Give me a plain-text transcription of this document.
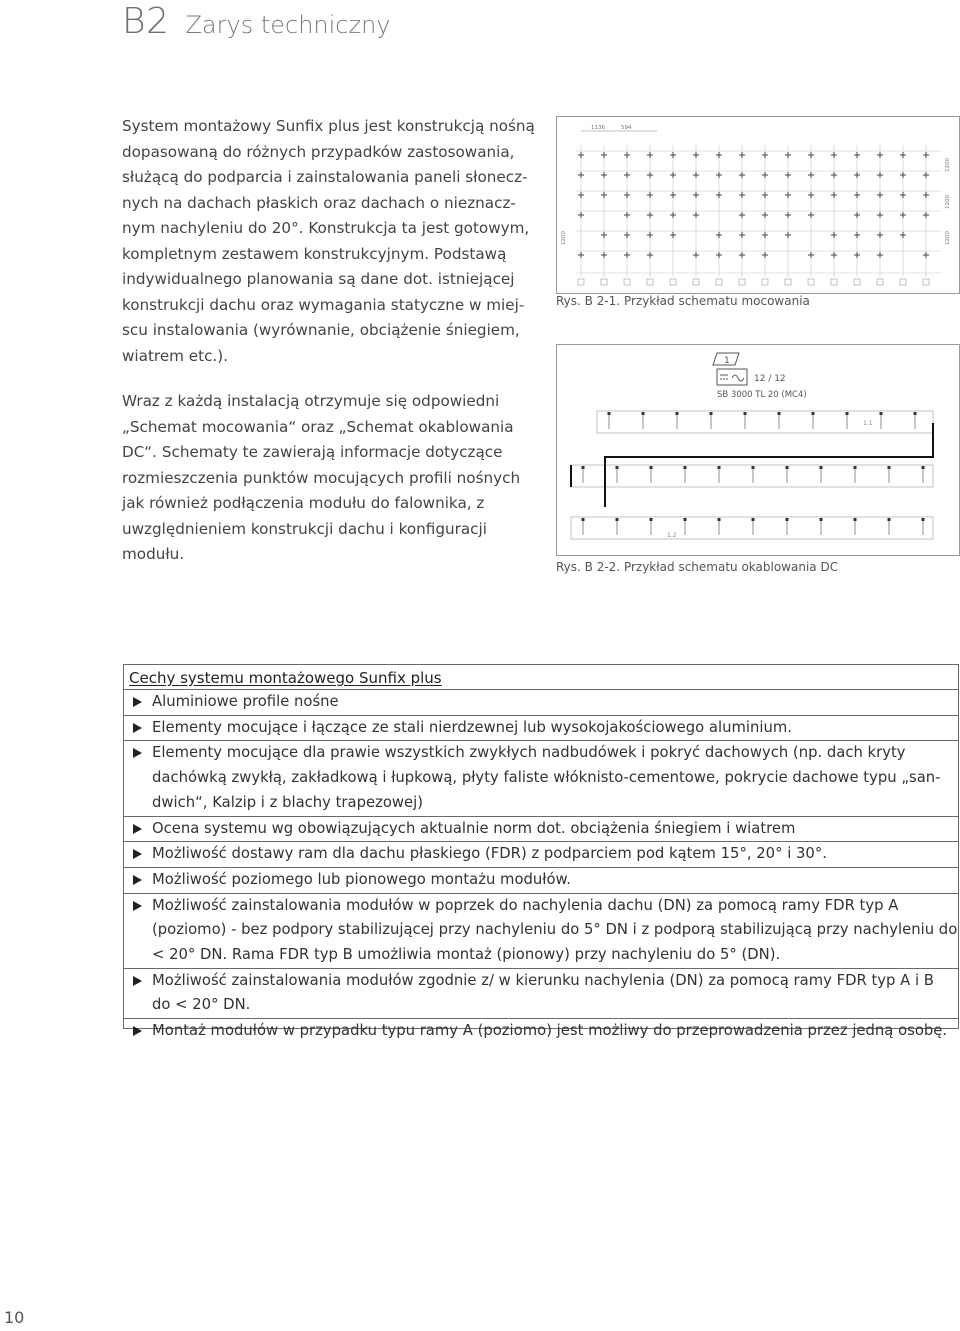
B2 Zarys techniczny

System montażowy Sunfix plus jest konstrukcją nośną
dopasowaną do różnych przypadków zastosowania,
służącą do podparcia i zainstalowania paneli słonecz-
nych na dachach płaskich oraz dachach o nieznacz-
nym nachyleniu do 20°. Konstrukcja ta jest gotowym,
kompletnym zestawem konstrukcyjnym. Podstawą
indywidualnego planowania są dane dot. istniejącej
konstrukcji dachu oraz wymagania statyczne w miej-
scu instalowania (wyrównanie, obciążenie śniegiem,
wiatrem etc.).

Wraz z każdą instalacją otrzymuje się odpowiedni
„Schemat mocowania“ oraz „Schemat okablowania
DC“. Schematy te zawierają informacje dotyczące
rozmieszczenia punktów mocujących profili nośnych
jak również podłączenia modułu do falownika, z
uwzględnieniem konstrukcji dachu i konfiguracji
modułu.

1136	594
1200
1200
1200
1200
Rys. B 2-1. Przykład schematu mocowania
1
12 / 12
SB 3000 TL 20 (MC4)
1.1
1.2
Rys. B 2-2. Przykład schematu okablowania DC
Cechy systemu montażowego Sunfix plus
Aluminiowe profile nośne
Elementy mocujące i łączące ze stali nierdzewnej lub wysokojakościowego aluminium.
Elementy mocujące dla prawie wszystkich zwykłych nadbudówek i pokryć dachowych (np. dach kryty
dachówką zwykłą, zakładkową i łupkową, płyty faliste włóknisto-cementowe, pokrycie dachowe typu „san-
dwich“, Kalzip i z blachy trapezowej)
Ocena systemu wg obowiązujących aktualnie norm dot. obciążenia śniegiem i wiatrem
Możliwość dostawy ram dla dachu płaskiego (FDR) z podparciem pod kątem 15°, 20° i 30°.
Możliwość poziomego lub pionowego montażu modułów.
Możliwość zainstalowania modułów w poprzek do nachylenia dachu (DN) za pomocą ramy FDR typ A
(poziomo) - bez podpory stabilizującej przy nachyleniu do 5° DN i z podporą stabilizującą przy nachyleniu do
< 20° DN. Rama FDR typ B umożliwia montaż (pionowy) przy nachyleniu do 5° (DN).
Możliwość zainstalowania modułów zgodnie z/ w kierunku nachylenia (DN) za pomocą ramy FDR typ A i B
do < 20° DN.
Montaż modułów w przypadku typu ramy A (poziomo) jest możliwy do przeprowadzenia przez jedną osobę.
10
